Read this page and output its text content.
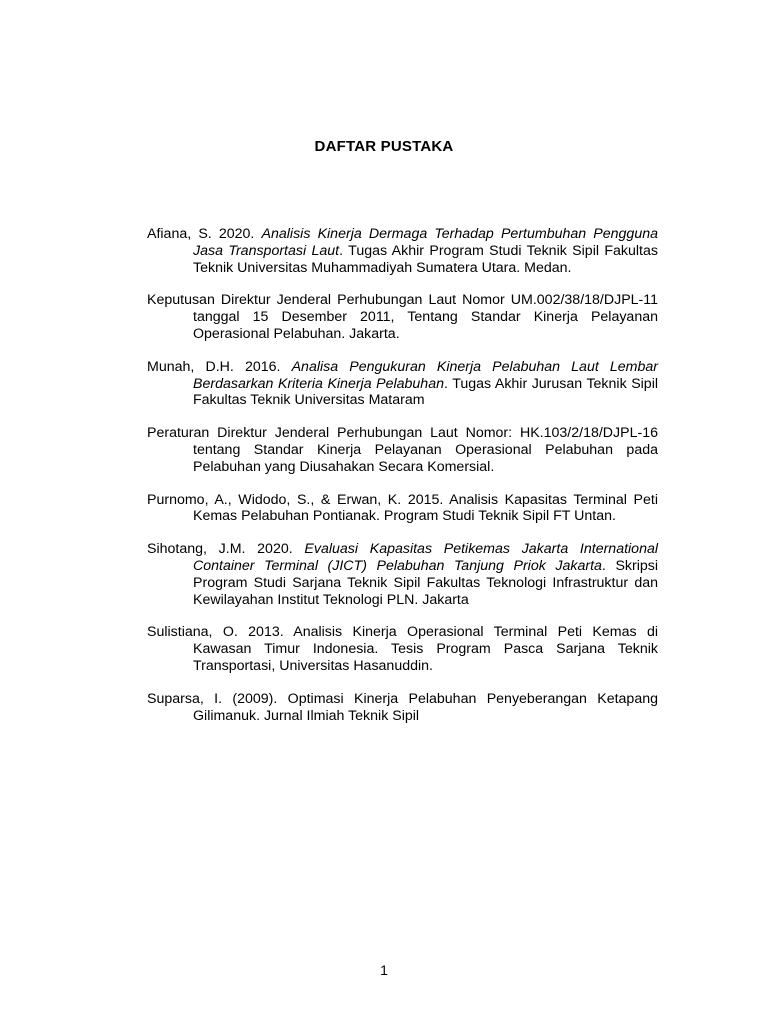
DAFTAR PUSTAKA

Afiana, S. 2020. Analisis Kinerja Dermaga Terhadap Pertumbuhan Pengguna Jasa Transportasi Laut. Tugas Akhir Program Studi Teknik Sipil Fakultas Teknik Universitas Muhammadiyah Sumatera Utara. Medan.

Keputusan Direktur Jenderal Perhubungan Laut Nomor UM.002/38/18/DJPL-11 tanggal 15 Desember 2011, Tentang Standar Kinerja Pelayanan Operasional Pelabuhan. Jakarta.

Munah, D.H. 2016. Analisa Pengukuran Kinerja Pelabuhan Laut Lembar Berdasarkan Kriteria Kinerja Pelabuhan. Tugas Akhir Jurusan Teknik Sipil Fakultas Teknik Universitas Mataram

Peraturan Direktur Jenderal Perhubungan Laut Nomor: HK.103/2/18/DJPL-16 tentang Standar Kinerja Pelayanan Operasional Pelabuhan pada Pelabuhan yang Diusahakan Secara Komersial.

Purnomo, A., Widodo, S., & Erwan, K. 2015. Analisis Kapasitas Terminal Peti Kemas Pelabuhan Pontianak. Program Studi Teknik Sipil FT Untan.

Sihotang, J.M. 2020. Evaluasi Kapasitas Petikemas Jakarta International Container Terminal (JICT) Pelabuhan Tanjung Priok Jakarta. Skripsi Program Studi Sarjana Teknik Sipil Fakultas Teknologi Infrastruktur dan Kewilayahan Institut Teknologi PLN. Jakarta

Sulistiana, O. 2013. Analisis Kinerja Operasional Terminal Peti Kemas di Kawasan Timur Indonesia. Tesis Program Pasca Sarjana Teknik Transportasi, Universitas Hasanuddin.

Suparsa, I. (2009). Optimasi Kinerja Pelabuhan Penyeberangan Ketapang Gilimanuk. Jurnal Ilmiah Teknik Sipil

1
